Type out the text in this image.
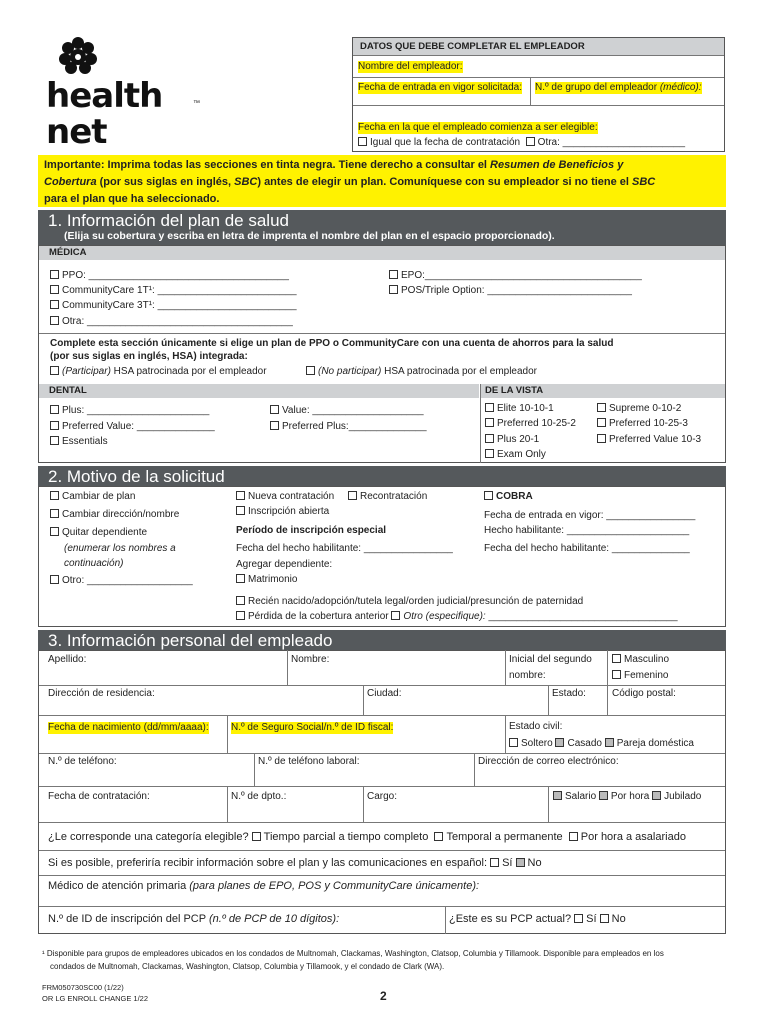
health net
™
DATOS QUE DEBE COMPLETAR EL EMPLEADOR
Nombre del empleador:
Fecha de entrada en vigor solicitada: N.º de grupo del empleador (médico):
Fecha en la que el empleado comienza a ser elegible:
Igual que la fecha de contratación Otra: ______________________
Importante: Imprima todas las secciones en tinta negra. Tiene derecho a consultar el Resumen de Beneficios y
Cobertura (por sus siglas en inglés, SBC) antes de elegir un plan. Comuníquese con su empleador si no tiene el SBC
para el plan que ha seleccionado.
1. Información del plan de salud
(Elija su cobertura y escriba en letra de imprenta el nombre del plan en el espacio proporcionado).
MÉDICA
PPO: ____________________________________
CommunityCare 1T¹: _________________________
CommunityCare 3T¹: _________________________
Otra: _____________________________________
EPO:_______________________________________
POS/Triple Option: __________________________
Complete esta sección únicamente si elige un plan de PPO o CommunityCare con una cuenta de ahorros para la salud
(por sus siglas en inglés, HSA) integrada:
(Participar) HSA patrocinada por el empleador	(No participar) HSA patrocinada por el empleador
DENTAL	DE LA VISTA
Plus: ______________________
Preferred Value: ______________
Essentials
Value: ____________________
Preferred Plus:______________
Elite 10-10-1
Preferred 10-25-2
Plus 20-1
Exam Only
Supreme 0-10-2
Preferred 10-25-3
Preferred Value 10-3
2. Motivo de la solicitud
Cambiar de plan
Cambiar dirección/nombre
Quitar dependiente
(enumerar los nombres a
continuación)
Otro: ___________________
Nueva contratación	Recontratación
Inscripción abierta
Período de inscripción especial
Fecha del hecho habilitante: ________________
Agregar dependiente:
Matrimonio
Recién nacido/adopción/tutela legal/orden judicial/presunción de paternidad
Pérdida de la cobertura anterior Otro (especifique): __________________________________
COBRA
Fecha de entrada en vigor: ________________
Hecho habilitante: ______________________
Fecha del hecho habilitante: ______________
3. Información personal del empleado
Apellido:	Nombre:	Inicial del segundo
nombre:
Masculino
Femenino
Dirección de residencia:	Ciudad:	Estado:	Código postal:
Fecha de nacimiento (dd/mm/aaaa): N.º de Seguro Social/n.º de ID fiscal:	Estado civil:
Soltero Casado Pareja doméstica
N.º de teléfono:	N.º de teléfono laboral:	Dirección de correo electrónico:
Fecha de contratación:	N.º de dpto.:	Cargo:	Salario Por hora Jubilado
¿Le corresponde una categoría elegible? Tiempo parcial a tiempo completo Temporal a permanente Por hora a asalariado
Si es posible, preferiría recibir información sobre el plan y las comunicaciones en español: Sí No
Médico de atención primaria (para planes de EPO, POS y CommunityCare únicamente):
N.º de ID de inscripción del PCP (n.º de PCP de 10 dígitos):	¿Este es su PCP actual? Sí No
¹ Disponible para grupos de empleadores ubicados en los condados de Multnomah, Clackamas, Washington, Clatsop, Columbia y Tillamook. Disponible para empleados en los
condados de Multnomah, Clackamas, Washington, Clatsop, Columbia y Tillamook, y el condado de Clark (WA).
FRM050730SC00 (1/22)
OR LG ENROLL CHANGE 1/22	2
